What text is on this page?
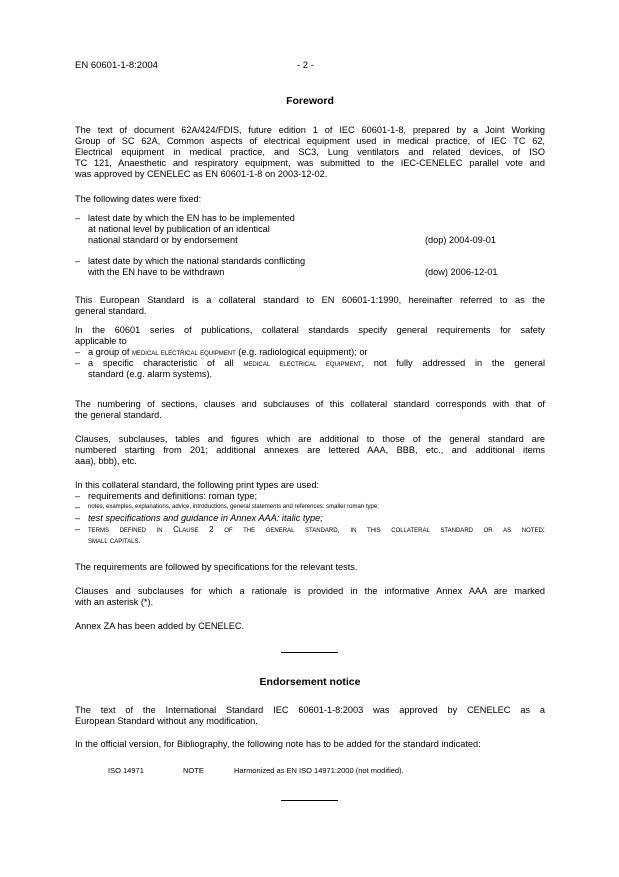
EN 60601-1-8:2004	- 2 -
Foreword
The text of document 62A/424/FDIS, future edition 1 of IEC 60601-1-8, prepared by a Joint Working
Group of SC 62A, Common aspects of electrical equipment used in medical practice, of IEC TC 62,
Electrical equipment in medical practice, and SC3, Lung ventilators and related devices, of ISO
TC 121, Anaesthetic and respiratory equipment, was submitted to the IEC-CENELEC parallel vote and
was approved by CENELEC as EN 60601-1-8 on 2003-12-02.
The following dates were fixed:
– latest date by which the EN has to be implemented
at national level by publication of an identical
national standard or by endorsement	(dop) 2004-09-01
– latest date by which the national standards conflicting
with the EN have to be withdrawn	(dow) 2006-12-01
This European Standard is a collateral standard to EN 60601-1:1990, hereinafter referred to as the
general standard.
In the 60601 series of publications, collateral standards specify general requirements for safety
applicable to
– a group of medical electrical equipment (e.g. radiological equipment); or
– a specific characteristic of all medical electrical equipment, not fully addressed in the general
standard (e.g. alarm systems).
The numbering of sections, clauses and subclauses of this collateral standard corresponds with that of
the general standard.
Clauses, subclauses, tables and figures which are additional to those of the general standard are
numbered starting from 201; additional annexes are lettered AAA, BBB, etc., and additional items
aaa), bbb), etc.
In this collateral standard, the following print types are used:
– requirements and definitions: roman type;
– notes, examples, explanations, advice, introductions, general statements and references: smaller roman type;
– test specifications and guidance in Annex AAA: italic type;
– terms defined in Clause 2 of the general standard, in this collateral standard or as noted:
small capitals.
The requirements are followed by specifications for the relevant tests.
Clauses and subclauses for which a rationale is provided in the informative Annex AAA are marked
with an asterisk (*).
Annex ZA has been added by CENELEC.
Endorsement notice
The text of the International Standard IEC 60601-1-8:2003 was approved by CENELEC as a
European Standard without any modification.
In the official version, for Bibliography, the following note has to be added for the standard indicated:
ISO 14971	NOTE	Harmonized as EN ISO 14971:2000 (not modified).
